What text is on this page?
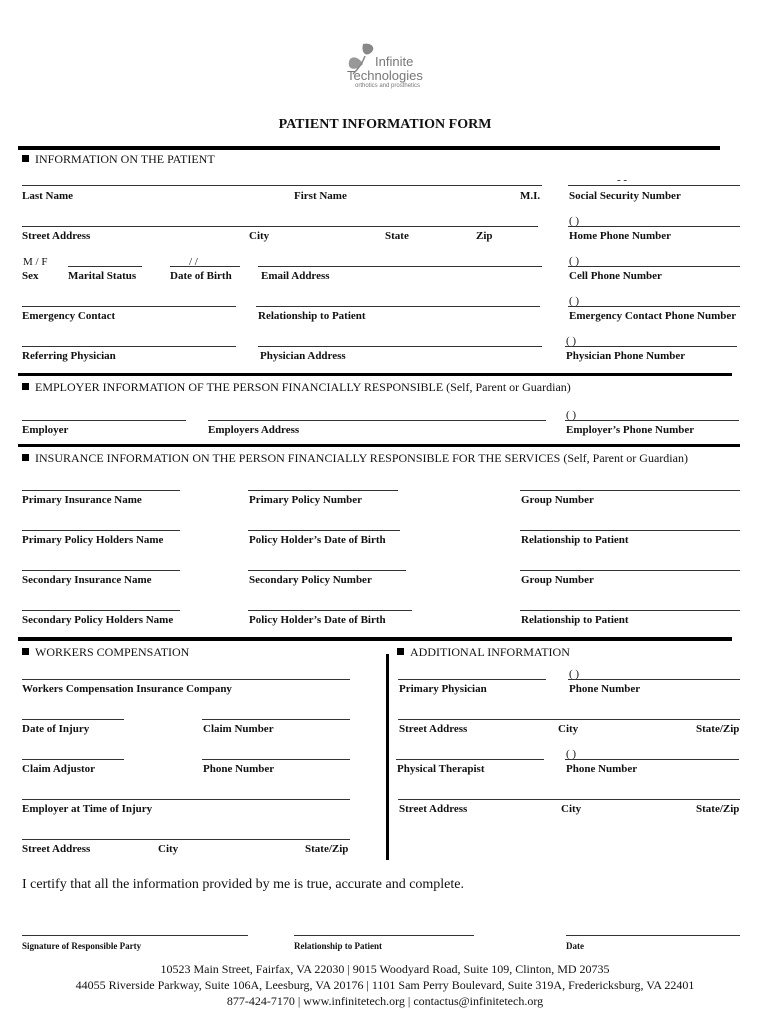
Infinite
Technologies
orthotics and prosthetics
PATIENT INFORMATION FORM
INFORMATION ON THE PATIENT
- -
Last Name	First Name	M.I.	Social Security Number
( )
Street Address	City	State	Zip	Home Phone Number
M / F	/ /	( )
Sex	Marital Status	Date of Birth	Email Address	Cell Phone Number
( )
Emergency Contact	Relationship to Patient	Emergency Contact Phone Number
( )
Referring Physician	Physician Address	Physician Phone Number
EMPLOYER INFORMATION OF THE PERSON FINANCIALLY RESPONSIBLE (Self, Parent or Guardian)
( )
Employer	Employers Address	Employer’s Phone Number
INSURANCE INFORMATION ON THE PERSON FINANCIALLY RESPONSIBLE FOR THE SERVICES (Self, Parent or Guardian)
Primary Insurance Name	Primary Policy Number	Group Number
Primary Policy Holders Name	Policy Holder’s Date of Birth	Relationship to Patient
Secondary Insurance Name	Secondary Policy Number	Group Number
Secondary Policy Holders Name	Policy Holder’s Date of Birth	Relationship to Patient
WORKERS COMPENSATION	ADDITIONAL INFORMATION
Workers Compensation Insurance Company
Date of Injury	Claim Number
Claim Adjustor	Phone Number
Employer at Time of Injury
Street Address	City	State/Zip
( )
Primary Physician	Phone Number
Street Address	City	State/Zip
( )
Physical Therapist	Phone Number
Street Address	City	State/Zip
I certify that all the information provided by me is true, accurate and complete.
Signature of Responsible Party	Relationship to Patient	Date
10523 Main Street, Fairfax, VA 22030 | 9015 Woodyard Road, Suite 109, Clinton, MD 20735
44055 Riverside Parkway, Suite 106A, Leesburg, VA 20176 | 1101 Sam Perry Boulevard, Suite 319A, Fredericksburg, VA 22401
877-424-7170 | www.infinitetech.org | contactus@infinitetech.org
